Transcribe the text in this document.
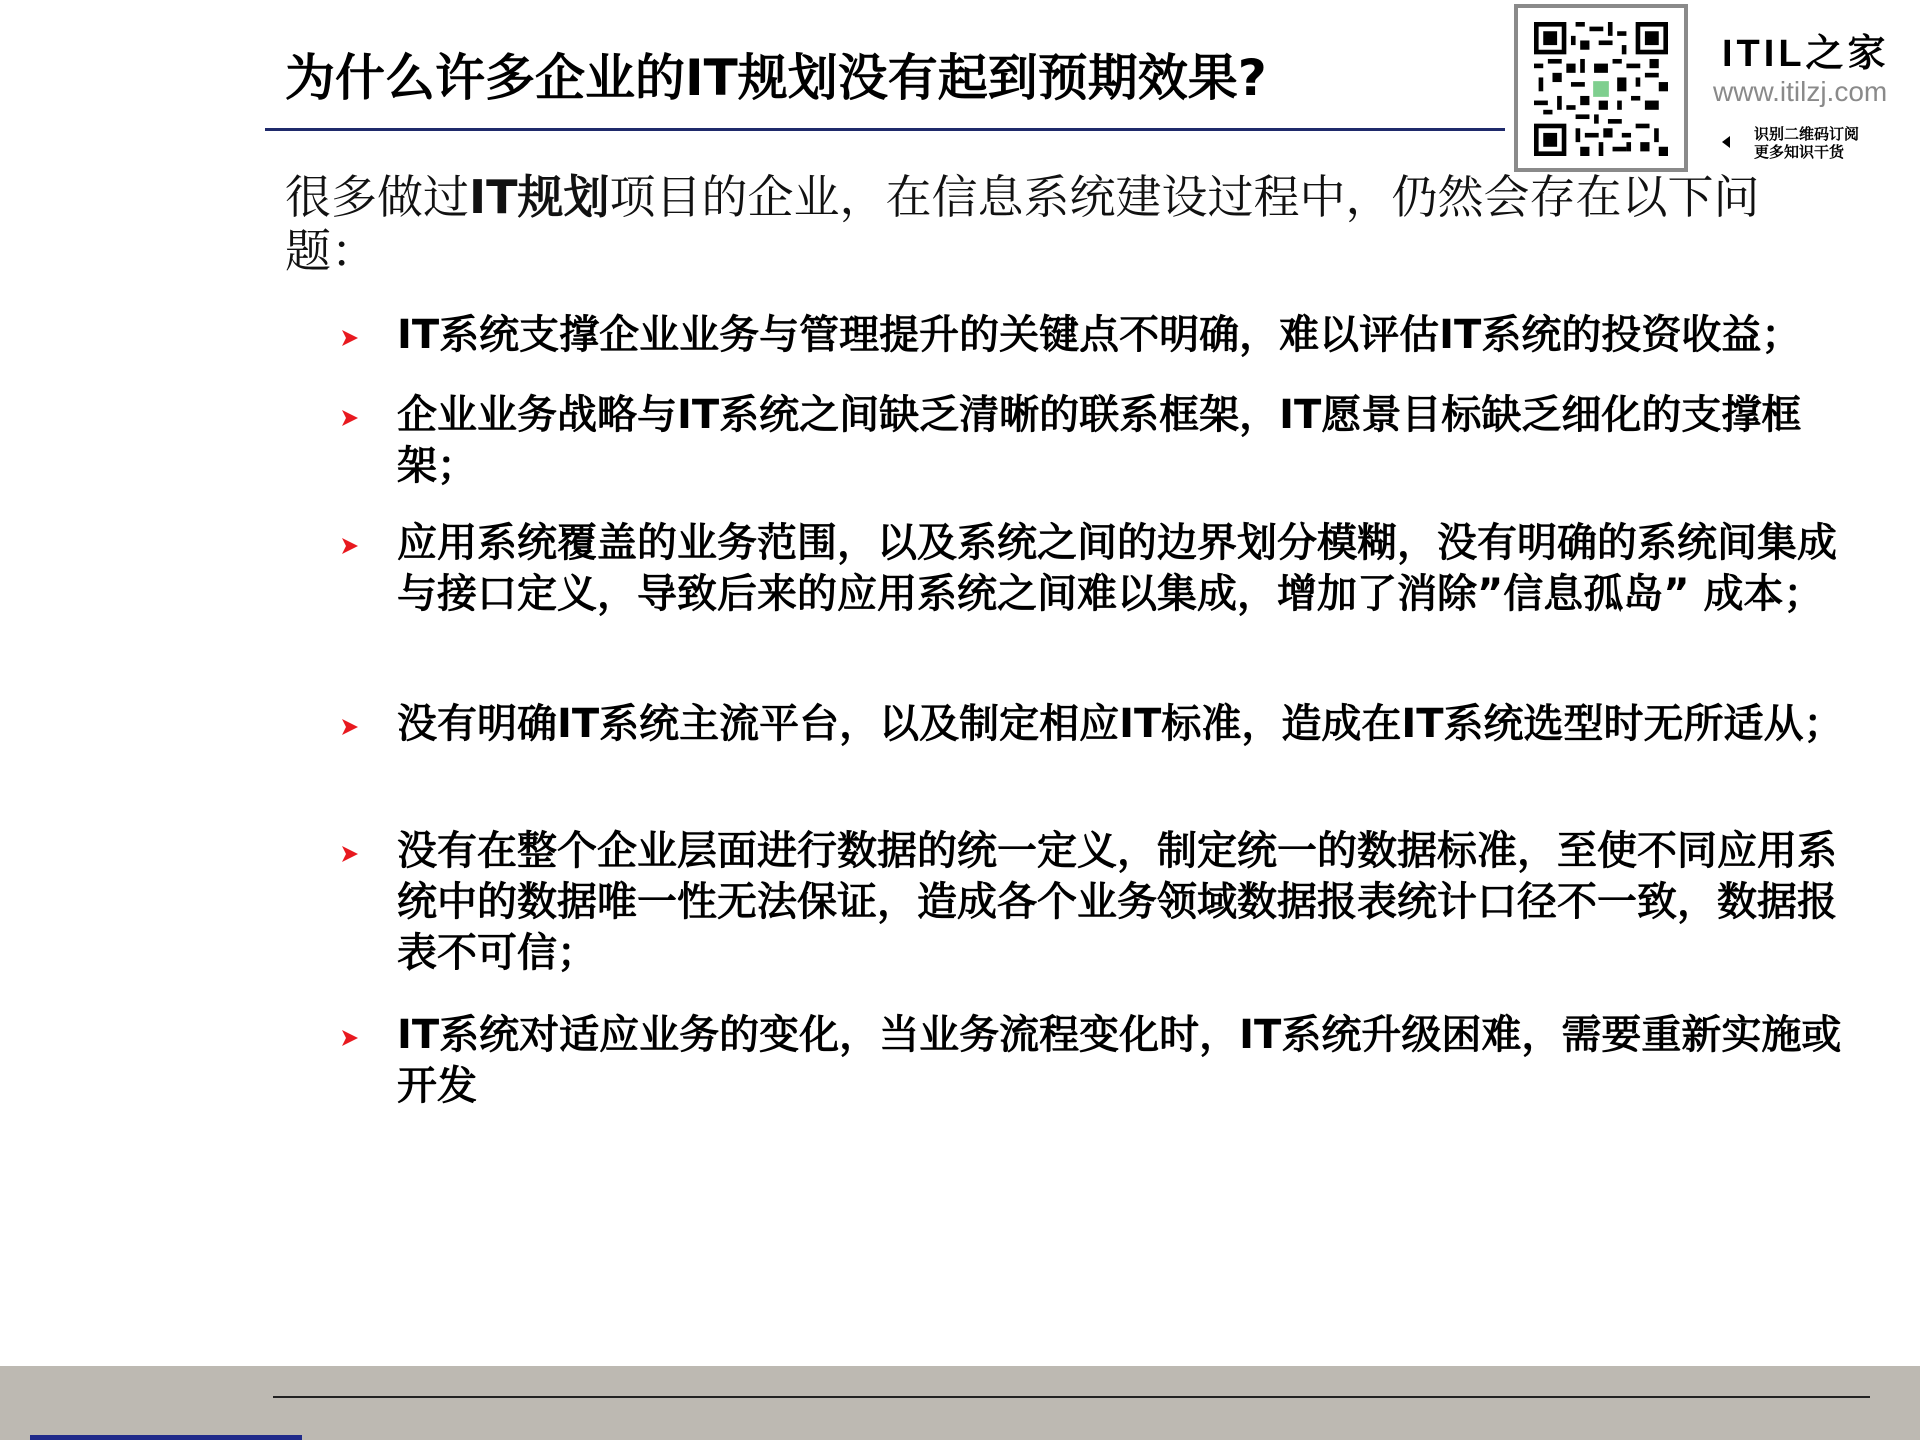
为什么许多企业的IT规划没有起到预期效果?	ITIL之家
www.itilzj.com
识别二维码订阅
更多知识干货
很多做过IT规划项目的企业，在信息系统建设过程中，仍然会存在以下问题：
IT系统支撑企业业务与管理提升的关键点不明确，难以评估IT系统的投资收益；
企业业务战略与IT系统之间缺乏清晰的联系框架，IT愿景目标缺乏细化的支撑框架；
应用系统覆盖的业务范围，以及系统之间的边界划分模糊，没有明确的系统间集成与接口定义，导致后来的应用系统之间难以集成，增加了消除”信息孤岛” 成本；
没有明确IT系统主流平台，以及制定相应IT标准，造成在IT系统选型时无所适从；
没有在整个企业层面进行数据的统一定义，制定统一的数据标准，至使不同应用系统中的数据唯一性无法保证，造成各个业务领域数据报表统计口径不一致，数据报表不可信；
IT系统对适应业务的变化，当业务流程变化时，IT系统升级困难，需要重新实施或开发
